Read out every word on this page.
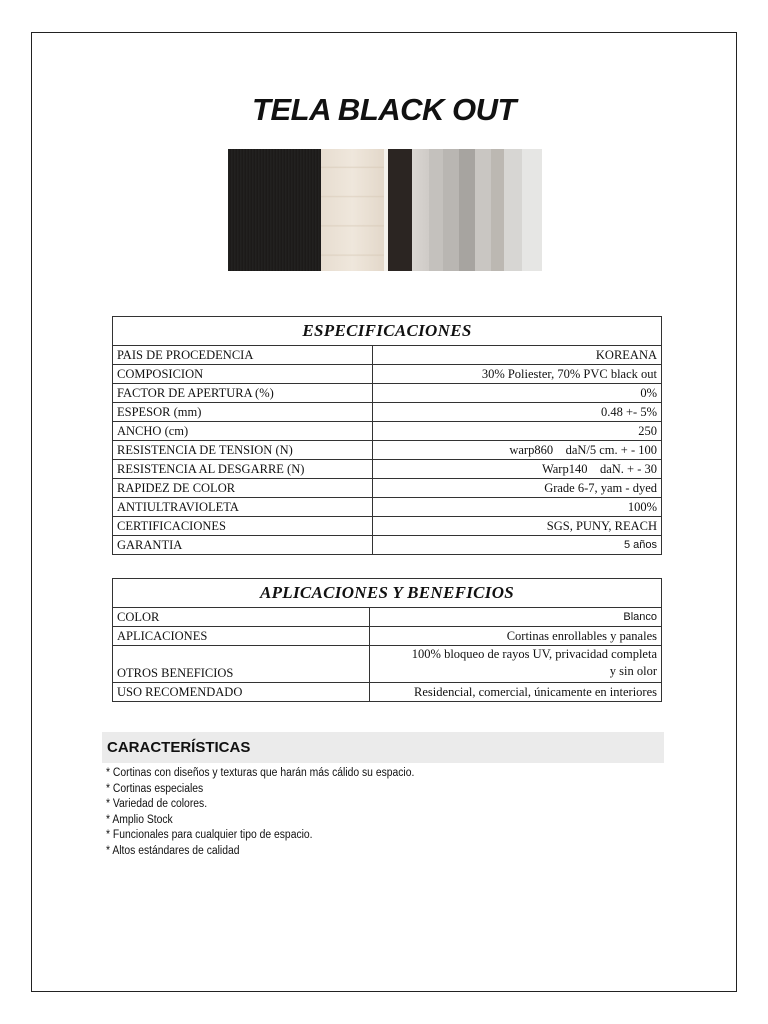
TELA BLACK OUT
ESPECIFICACIONES	
PAIS DE PROCEDENCIA	KOREANA
COMPOSICION	30% Poliester, 70% PVC black out
FACTOR DE APERTURA (%)	0%
ESPESOR (mm)	0.48 +- 5%
ANCHO (cm)	250
RESISTENCIA DE TENSION (N)	warp860    daN/5 cm. + - 100
RESISTENCIA AL DESGARRE (N)	Warp140    daN. + - 30
RAPIDEZ DE COLOR	Grade 6-7, yam - dyed
ANTIULTRAVIOLETA	100%
CERTIFICACIONES	SGS, PUNY, REACH
GARANTIA	5 años
APLICACIONES Y BENEFICIOS	
COLOR	Blanco
APLICACIONES	Cortinas enrollables y panales
OTROS BENEFICIOS	100% bloqueo de rayos UV, privacidad completa
y sin olor

USO RECOMENDADO	Residencial, comercial, únicamente en interiores
CARACTERÍSTICAS
* Cortinas con diseños y texturas que harán más cálido su espacio.
* Cortinas especiales
* Variedad de colores.
* Amplio Stock
* Funcionales para cualquier tipo de espacio.
* Altos estándares de calidad
